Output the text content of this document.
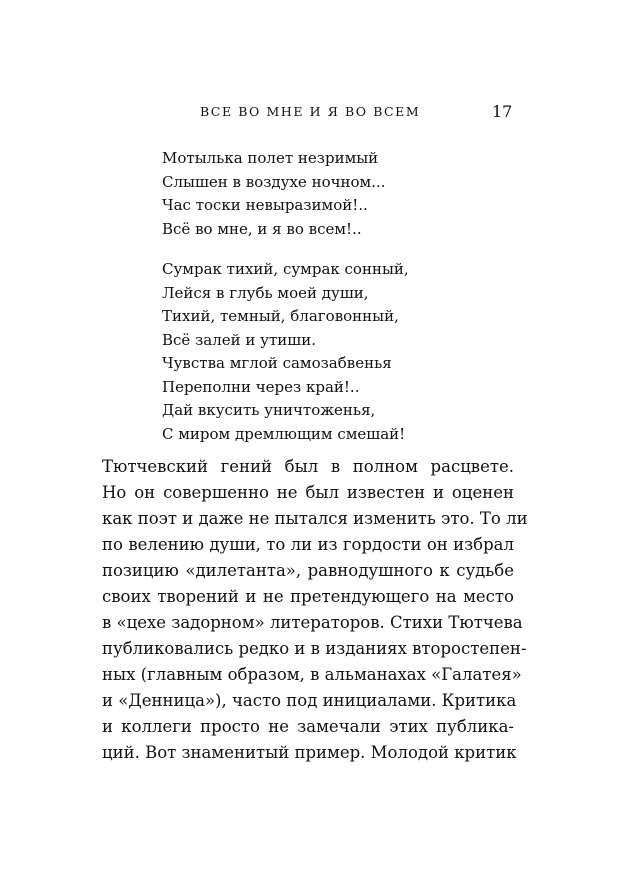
ВСЕ ВО МНЕ И Я ВО ВСЕМ	17
Мотылька полет незримый
Слышен в воздухе ночном...
Час тоски невыразимой!..
Всё во мне, и я во всем!..
Сумрак тихий, сумрак сонный,
Лейся в глубь моей души,
Тихий, темный, благовонный,
Всё залей и утиши.
Чувства мглой самозабвенья
Переполни через край!..
Дай вкусить уничтоженья,
С миром дремлющим смешай!
Тютчевский гений был в полном расцвете.
Но он совершенно не был известен и оценен
как поэт и даже не пытался изменить это. То ли
по велению души, то ли из гордости он избрал
позицию «дилетанта», равнодушного к судьбе
своих творений и не претендующего на место
в «цехе задорном» литераторов. Стихи Тютчева
публиковались редко и в изданиях второстепен-
ных (главным образом, в альманахах «Галатея»
и «Денница»), часто под инициалами. Критика
и коллеги просто не замечали этих публика-
ций. Вот знаменитый пример. Молодой критик
